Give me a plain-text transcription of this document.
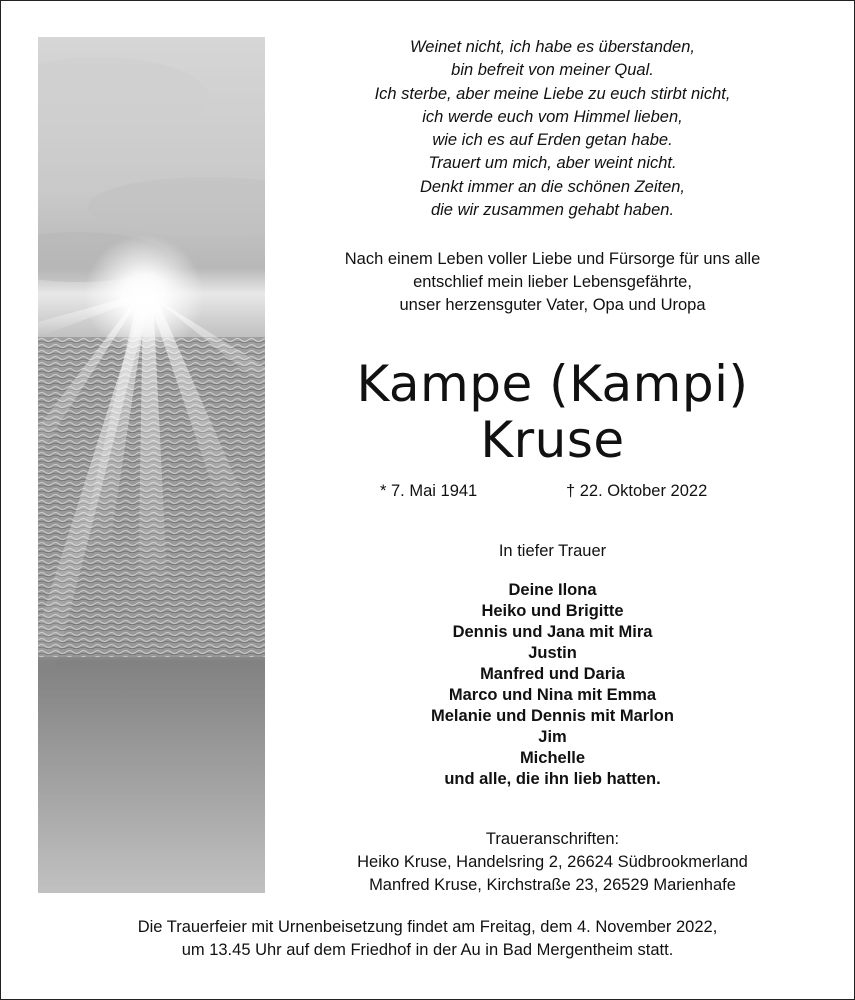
Weinet nicht, ich habe es überstanden,
bin befreit von meiner Qual.
Ich sterbe, aber meine Liebe zu euch stirbt nicht,
ich werde euch vom Himmel lieben,
wie ich es auf Erden getan habe.
Trauert um mich, aber weint nicht.
Denkt immer an die schönen Zeiten,
die wir zusammen gehabt haben.
Nach einem Leben voller Liebe und Fürsorge für uns alle
entschlief mein lieber Lebensgefährte,
unser herzensguter Vater, Opa und Uropa
Kampe (Kampi)
Kruse
* 7. Mai 1941	† 22. Oktober 2022
In tiefer Trauer
Deine Ilona
Heiko und Brigitte
Dennis und Jana mit Mira
Justin
Manfred und Daria
Marco und Nina mit Emma
Melanie und Dennis mit Marlon
Jim
Michelle
und alle, die ihn lieb hatten.
Traueranschriften:
Heiko Kruse, Handelsring 2, 26624 Südbrookmerland
Manfred Kruse, Kirchstraße 23, 26529 Marienhafe
Die Trauerfeier mit Urnenbeisetzung findet am Freitag, dem 4. November 2022,
um 13.45 Uhr auf dem Friedhof in der Au in Bad Mergentheim statt.
